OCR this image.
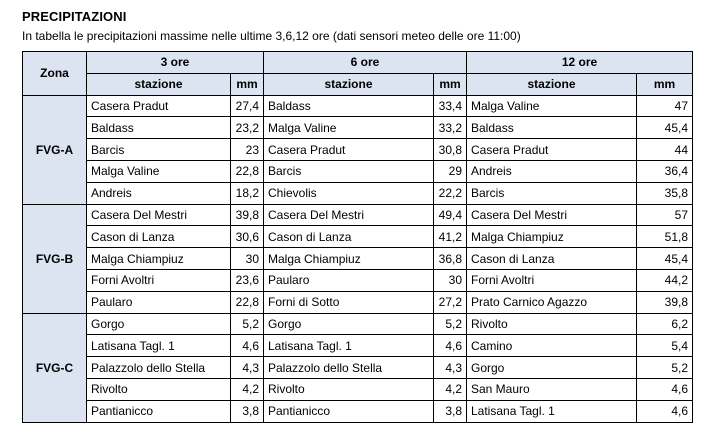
PRECIPITAZIONI
In tabella le precipitazioni massime nelle ultime 3,6,12 ore (dati sensori meteo delle ore 11:00)
Zona	3 ore		6 ore		12 ore	
	stazione	mm	stazione	mm	stazione	mm
FVG-A	Casera Pradut	27,4	Baldass	33,4	Malga Valine	47
	Baldass	23,2	Malga Valine	33,2	Baldass	45,4
	Barcis	23	Casera Pradut	30,8	Casera Pradut	44
	Malga Valine	22,8	Barcis	29	Andreis	36,4
	Andreis	18,2	Chievolis	22,2	Barcis	35,8
FVG-B	Casera Del Mestri	39,8	Casera Del Mestri	49,4	Casera Del Mestri	57
	Cason di Lanza	30,6	Cason di Lanza	41,2	Malga Chiampiuz	51,8
	Malga Chiampiuz	30	Malga Chiampiuz	36,8	Cason di Lanza	45,4
	Forni Avoltri	23,6	Paularo	30	Forni Avoltri	44,2
	Paularo	22,8	Forni di Sotto	27,2	Prato Carnico Agazzo	39,8
FVG-C	Gorgo	5,2	Gorgo	5,2	Rivolto	6,2
	Latisana Tagl. 1	4,6	Latisana Tagl. 1	4,6	Camino	5,4
	Palazzolo dello Stella	4,3	Palazzolo dello Stella	4,3	Gorgo	5,2
	Rivolto	4,2	Rivolto	4,2	San Mauro	4,6
	Pantianicco	3,8	Pantianicco	3,8	Latisana Tagl. 1	4,6
